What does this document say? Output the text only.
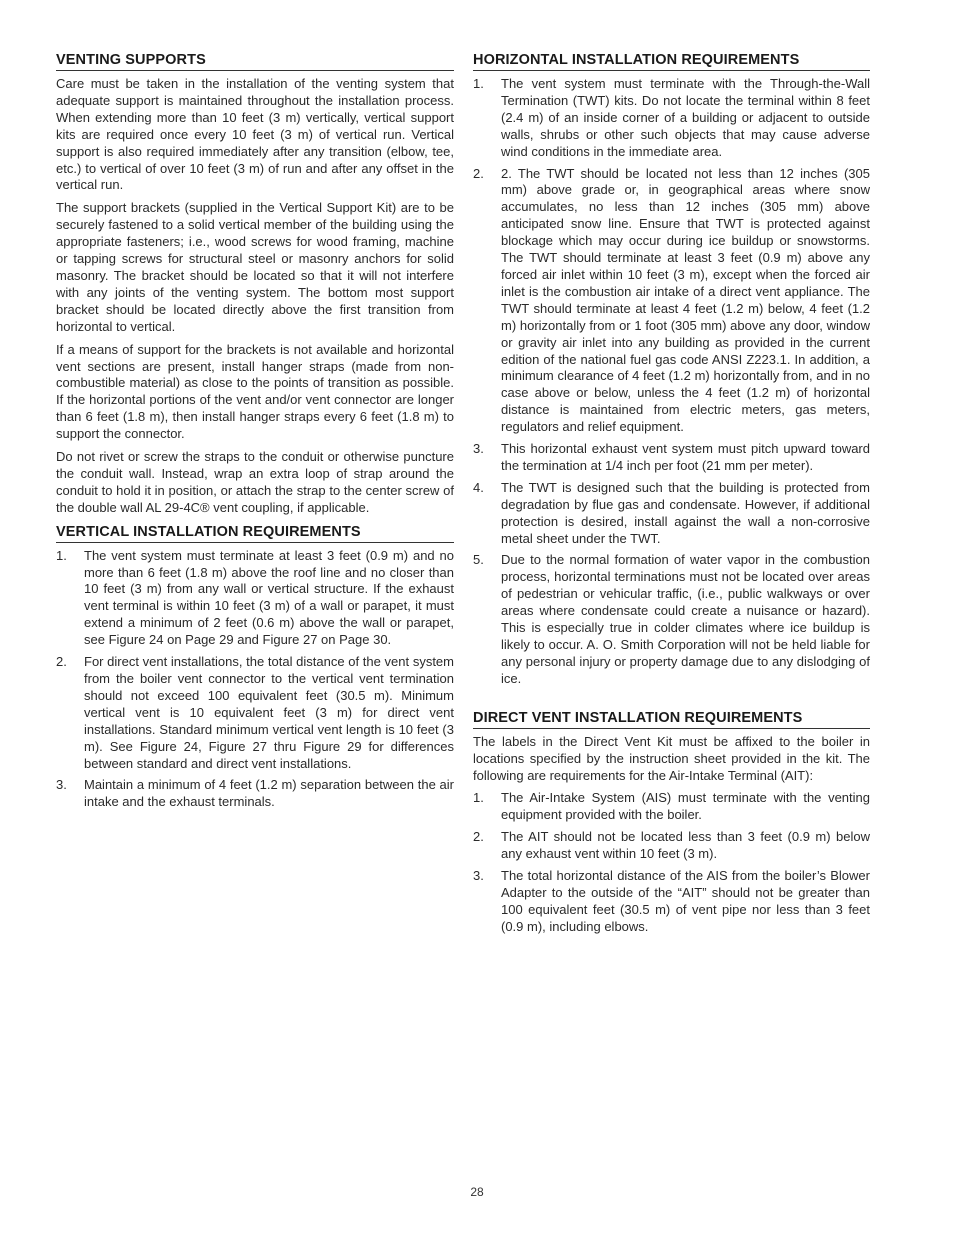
VENTING SUPPORTS

Care must be taken in the installation of the venting system that adequate support is maintained throughout the installation process. When extending more than 10 feet (3 m) vertically, vertical support kits are required once every 10 feet (3 m) of vertical run. Vertical support is also required immediately after any transition (elbow, tee, etc.) to vertical of over 10 feet (3 m) of run and after any offset in the vertical run.

The support brackets (supplied in the Vertical Support Kit) are to be securely fastened to a solid vertical member of the building using the appropriate fasteners; i.e., wood screws for wood framing, machine or tapping screws for structural steel or masonry anchors for solid masonry. The bracket should be located so that it will not interfere with any joints of the venting system. The bottom most support bracket should be located directly above the first transition from horizontal to vertical.

If a means of support for the brackets is not available and horizontal vent sections are present, install hanger straps (made from non-combustible material) as close to the points of transition as possible. If the horizontal portions of the vent and/or vent connector are longer than 6 feet (1.8 m), then install hanger straps every 6 feet (1.8 m) to support the connector.

Do not rivet or screw the straps to the conduit or otherwise puncture the conduit wall. Instead, wrap an extra loop of strap around the conduit to hold it in position, or attach the strap to the center screw of the double wall AL 29-4C® vent coupling, if applicable.

VERTICAL INSTALLATION REQUIREMENTS
1. The vent system must terminate at least 3 feet (0.9 m) and no more than 6 feet (1.8 m) above the roof line and no closer than 10 feet (3 m) from any wall or vertical structure. If the exhaust vent terminal is within 10 feet (3 m) of a wall or parapet, it must extend a minimum of 2 feet (0.6 m) above the wall or parapet, see Figure 24 on Page 29 and Figure 27 on Page 30.
2. For direct vent installations, the total distance of the vent system from the boiler vent connector to the vertical vent termination should not exceed 100 equivalent feet (30.5 m). Minimum vertical vent is 10 equivalent feet (3 m) for direct vent installations. Standard minimum vertical vent length is 10 feet (3 m). See Figure 24, Figure 27 thru Figure 29 for differences between standard and direct vent installations.
3. Maintain a minimum of 4 feet (1.2 m) separation between the air intake and the exhaust terminals.
HORIZONTAL INSTALLATION REQUIREMENTS
1. The vent system must terminate with the Through-the-Wall Termination (TWT) kits. Do not locate the terminal within 8 feet (2.4 m) of an inside corner of a building or adjacent to outside walls, shrubs or other such objects that may cause adverse wind conditions in the immediate area.
2. 2. The TWT should be located not less than 12 inches (305 mm) above grade or, in geographical areas where snow accumulates, no less than 12 inches (305 mm) above anticipated snow line. Ensure that TWT is protected against blockage which may occur during ice buildup or snowstorms. The TWT should terminate at least 3 feet (0.9 m) above any forced air inlet within 10 feet (3 m), except when the forced air inlet is the combustion air intake of a direct vent appliance. The TWT should terminate at least 4 feet (1.2 m) below, 4 feet (1.2 m) horizontally from or 1 foot (305 mm) above any door, window or gravity air inlet into any building as provided in the current edition of the national fuel gas code ANSI Z223.1. In addition, a minimum clearance of 4 feet (1.2 m) horizontally from, and in no case above or below, unless the 4 feet (1.2 m) of horizontal distance is maintained from electric meters, gas meters, regulators and relief equipment.
3. This horizontal exhaust vent system must pitch upward toward the termination at 1/4 inch per foot (21 mm per meter).
4. The TWT is designed such that the building is protected from degradation by flue gas and condensate. However, if additional protection is desired, install against the wall a non-corrosive metal sheet under the TWT.
5. Due to the normal formation of water vapor in the combustion process, horizontal terminations must not be located over areas of pedestrian or vehicular traffic, (i.e., public walkways or over areas where condensate could create a nuisance or hazard). This is especially true in colder climates where ice buildup is likely to occur. A. O. Smith Corporation will not be held liable for any personal injury or property damage due to any dislodging of ice.
DIRECT VENT INSTALLATION REQUIREMENTS

The labels in the Direct Vent Kit must be affixed to the boiler in locations specified by the instruction sheet provided in the kit. The following are requirements for the Air-Intake Terminal (AIT):

1. The Air-Intake System (AIS) must terminate with the venting equipment provided with the boiler.
2. The AIT should not be located less than 3 feet (0.9 m) below any exhaust vent within 10 feet (3 m).
3. The total horizontal distance of the AIS from the boiler’s Blower Adapter to the outside of the “AIT” should not be greater than 100 equivalent feet (30.5 m) of vent pipe nor less than 3 feet (0.9 m), including elbows.
28
